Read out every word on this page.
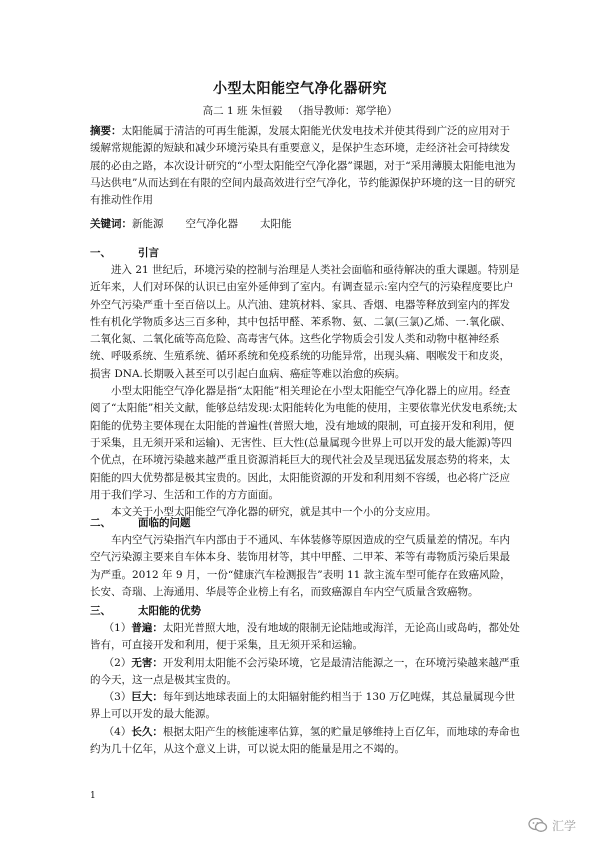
小型太阳能空气净化器研究
高二 1 班 朱恒毅 （指导教师：郑学艳）
摘要：太阳能属于清洁的可再生能源，发展太阳能光伏发电技术并使其得到广泛的应用对于缓解常规能源的短缺和减少环境污染具有重要意义，是保护生态环境，走经济社会可持续发展的必由之路，本次设计研究的“小型太阳能空气净化器”课题，对于“采用薄膜太阳能电池为马达供电”从而达到在有限的空间内最高效进行空气净化，节约能源保护环境的这一目的研究有推动性作用
关键词：新能源 空气净化器 太阳能
一、	引言

进入 21 世纪后，环境污染的控制与治理是人类社会面临和亟待解决的重大课题。特别是近年来，人们对环保的认识已由室外延伸到了室内。有调查显示:室内空气的污染程度要比户外空气污染严重十至百倍以上。从汽油、建筑材料、家具、香烟、电器等释放到室内的挥发性有机化学物质多达三百多种，其中包括甲醛、苯系物、氨、二氯(三氯)乙烯、一.氧化碳、二氧化氮、二氧化硫等高危险、高毒害气体。这些化学物质会引发人类和动物中枢神经系统、呼吸系统、生殖系统、循环系统和免疫系统的功能异常，出现头痛、咽喉发干和皮炎，损害 DNA.长期吸入甚至可以引起白血病、癌症等难以治愈的疾病。

小型太阳能空气净化器是指“太阳能”相关理论在小型太阳能空气净化器上的应用。经查阅了“太阳能”相关文献，能够总结发现:太阳能转化为电能的使用，主要依靠光伏发电系统;太阳能的优势主要体现在太阳能的普遍性(普照大地，没有地域的限制，可直接开发和利用，便于采集，且无须开采和运输)、无害性、巨大性(总量属现今世界上可以开发的最大能源)等四个优点，在环境污染越来越严重且资源消耗巨大的现代社会及呈现迅猛发展态势的将来，太阳能的四大优势都是极其宝贵的。因此，太阳能资源的开发和利用刻不容缓，也必将广泛应用于我们学习、生活和工作的方方面面。

本文关于小型太阳能空气净化器的研究，就是其中一个小的分支应用。

二、	面临的问题

车内空气污染指汽车内部由于不通风、车体装修等原因造成的空气质量差的情况。车内空气污染源主要来自车体本身、装饰用材等，其中甲醛、二甲苯、苯等有毒物质污染后果最为严重。2012 年 9 月，一份“健康汽车检测报告”表明 11 款主流车型可能存在致癌风险，长安、奇瑞、上海通用、华晨等企业榜上有名，而致癌源自车内空气质量含致癌物。

三、	太阳能的优势

（1）普遍：太阳光普照大地，没有地域的限制无论陆地或海洋，无论高山或岛屿，都处处皆有，可直接开发和利用，便于采集，且无须开采和运输。

（2）无害：开发利用太阳能不会污染环境，它是最清洁能源之一，在环境污染越来越严重的今天，这一点是极其宝贵的。

（3）巨大：每年到达地球表面上的太阳辐射能约相当于 130 万亿吨煤，其总量属现今世界上可以开发的最大能源。

（4）长久：根据太阳产生的核能速率估算，氢的贮量足够维持上百亿年，而地球的寿命也约为几十亿年，从这个意义上讲，可以说太阳的能量是用之不竭的。

1
汇学
